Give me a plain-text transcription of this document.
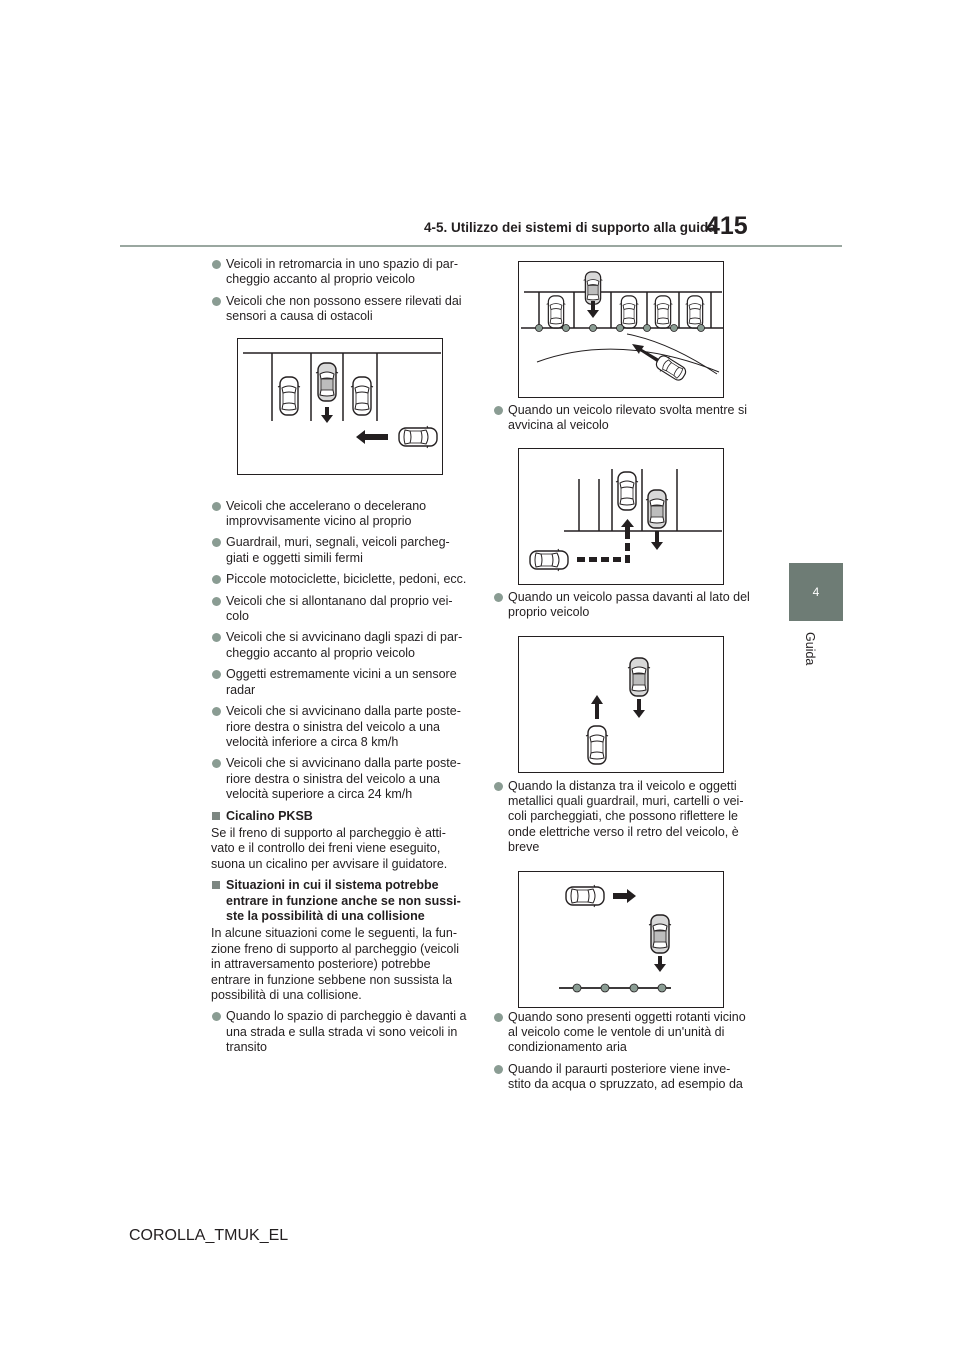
4-5. Utilizzo dei sistemi di supporto alla guida
415
4
Guida
Veicoli in retromarcia in uno spazio di par-cheggio accanto al proprio veicolo
Veicoli che non possono essere rilevati dai sensori a causa di ostacoli
Veicoli che accelerano o decelerano improvvisamente vicino al proprio
Guardrail, muri, segnali, veicoli parcheg-giati e oggetti simili fermi
Piccole motociclette, biciclette, pedoni, ecc.
Veicoli che si allontanano dal proprio vei-colo
Veicoli che si avvicinano dagli spazi di par-cheggio accanto al proprio veicolo
Oggetti estremamente vicini a un sensore radar
Veicoli che si avvicinano dalla parte poste-riore destra o sinistra del veicolo a una velocità inferiore a circa 8 km/h
Veicoli che si avvicinano dalla parte poste-riore destra o sinistra del veicolo a una velocità superiore a circa 24 km/h
Cicalino PKSB
Se il freno di supporto al parcheggio è atti-vato e il controllo dei freni viene eseguito, suona un cicalino per avvisare il guidatore.
Situazioni in cui il sistema potrebbe entrare in funzione anche se non sussi-ste la possibilità di una collisione
In alcune situazioni come le seguenti, la fun-zione freno di supporto al parcheggio (veicoli in attraversamento posteriore) potrebbe entrare in funzione sebbene non sussista la possibilità di una collisione.
Quando lo spazio di parcheggio è davanti a una strada e sulla strada vi sono veicoli in transito
Quando un veicolo rilevato svolta mentre si avvicina al veicolo
Quando un veicolo passa davanti al lato del proprio veicolo
Quando la distanza tra il veicolo e oggetti metallici quali guardrail, muri, cartelli o vei-coli parcheggiati, che possono riflettere le onde elettriche verso il retro del veicolo, è breve
Quando sono presenti oggetti rotanti vicino al veicolo come le ventole di un'unità di condizionamento aria
Quando il paraurti posteriore viene inve-stito da acqua o spruzzato, ad esempio da
COROLLA_TMUK_EL
